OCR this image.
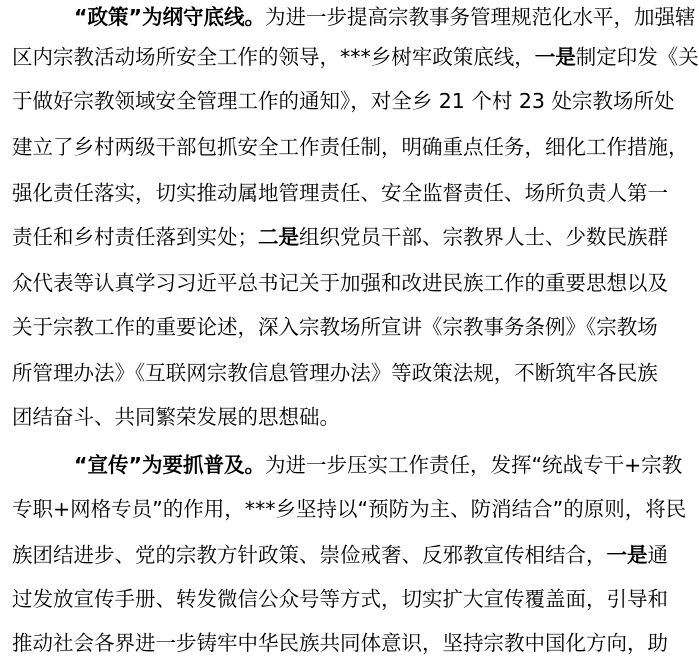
“政策”为纲守底线。为进一步提高宗教事务管理规范化水平，加强辖
区内宗教活动场所安全工作的领导，***乡树牢政策底线，一是制定印发《关
于做好宗教领域安全管理工作的通知》，对全乡 21 个村 23 处宗教场所处
建立了乡村两级干部包抓安全工作责任制，明确重点任务，细化工作措施，
强化责任落实，切实推动属地管理责任、安全监督责任、场所负责人第一
责任和乡村责任落到实处；二是组织党员干部、宗教界人士、少数民族群
众代表等认真学习习近平总书记关于加强和改进民族工作的重要思想以及
关于宗教工作的重要论述，深入宗教场所宣讲《宗教事务条例》《宗教场
所管理办法》《互联网宗教信息管理办法》等政策法规，不断筑牢各民族
团结奋斗、共同繁荣发展的思想础。
“宣传”为要抓普及。为进一步压实工作责任，发挥“统战专干+宗教
专职+网格专员”的作用，***乡坚持以“预防为主、防消结合”的原则，将民
族团结进步、党的宗教方针政策、崇俭戒奢、反邪教宣传相结合，一是通
过发放宣传手册、转发微信公众号等方式，切实扩大宣传覆盖面，引导和
推动社会各界进一步铸牢中华民族共同体意识，坚持宗教中国化方向，助
